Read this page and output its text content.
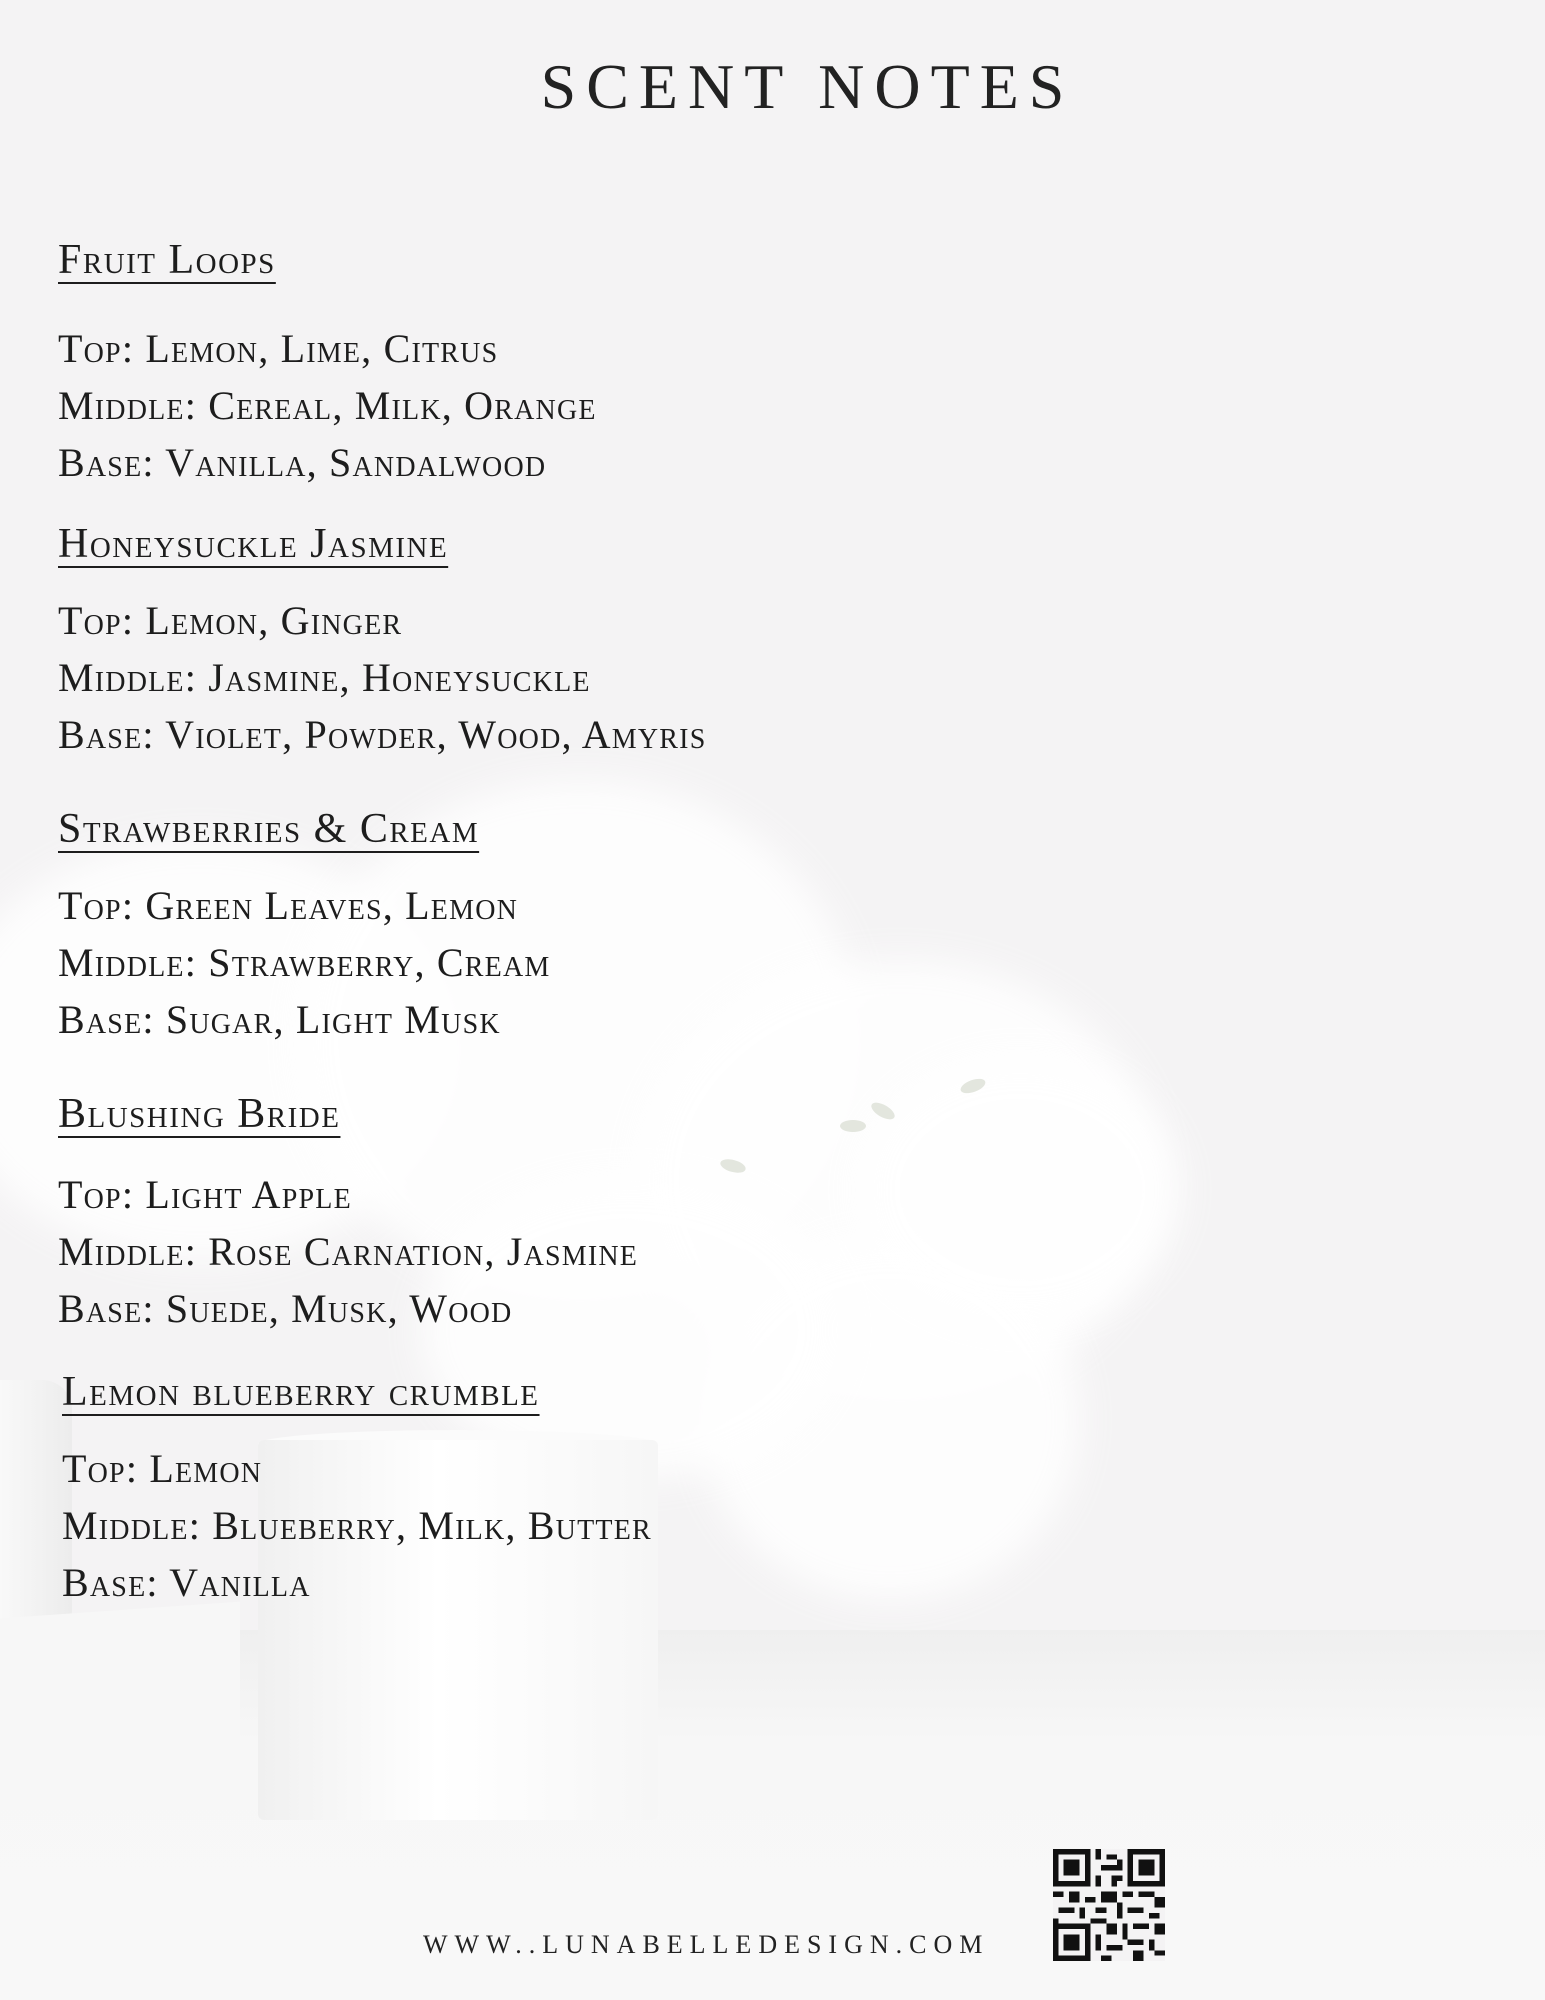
SCENT NOTES
Fruit Loops
Top: Lemon, Lime, Citrus
Middle: Cereal, Milk, Orange
Base: Vanilla, Sandalwood
Honeysuckle Jasmine
Top: Lemon, Ginger
Middle: Jasmine, Honeysuckle
Base: Violet, Powder, Wood, Amyris
Strawberries & Cream
Top: Green Leaves, Lemon
Middle: Strawberry, Cream
Base: Sugar, Light Musk
Blushing Bride
Top: Light Apple
Middle: Rose Carnation, Jasmine
Base: Suede, Musk, Wood
Lemon blueberry crumble
Top: Lemon
Middle: Blueberry, Milk, Butter
Base: Vanilla
WWW..LUNABELLEDESIGN.COM
